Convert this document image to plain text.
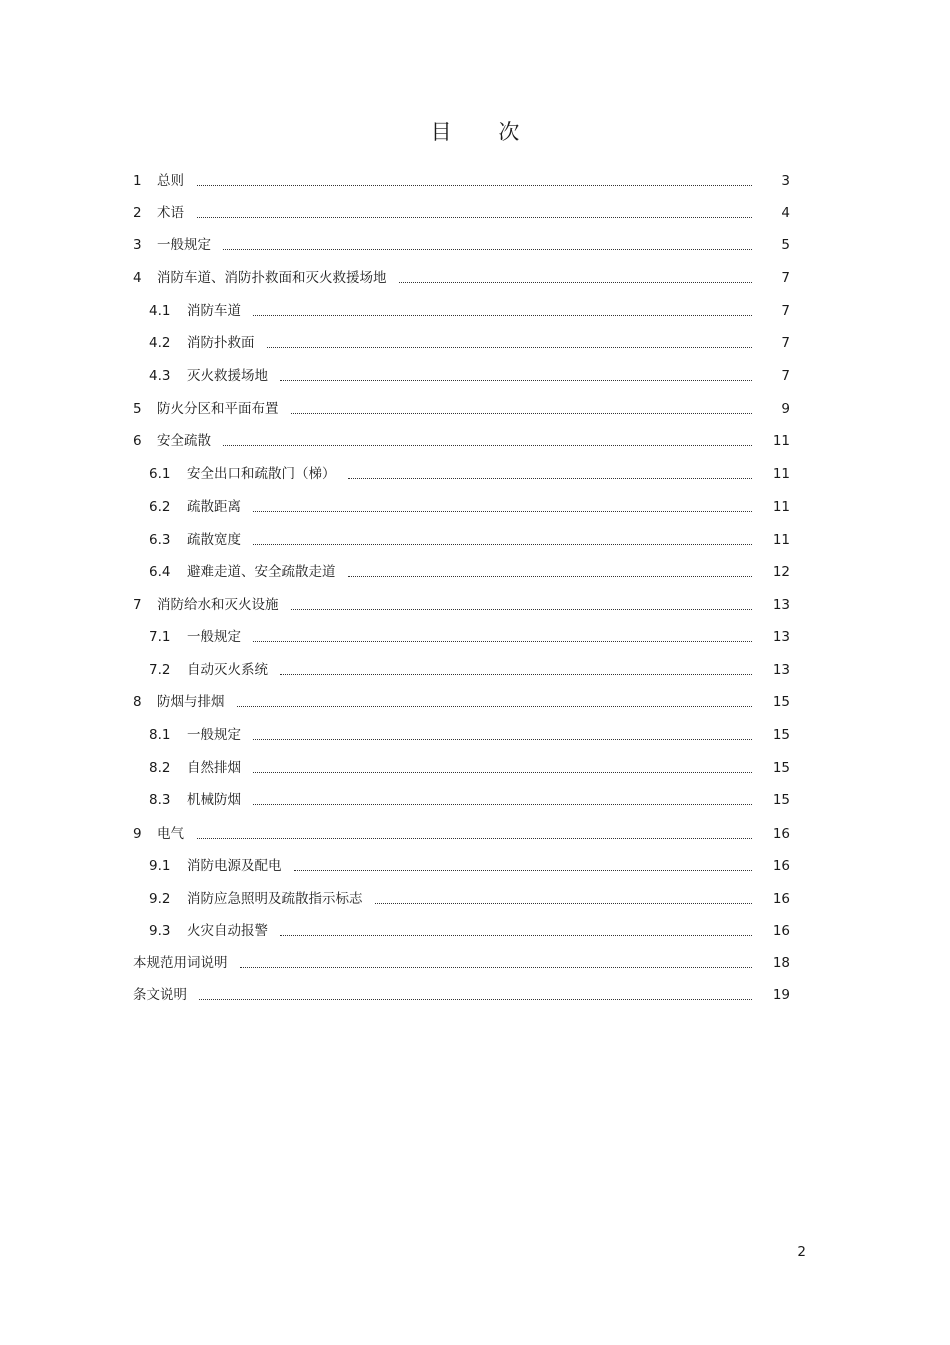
目 次
1 总则	3
2 术语	4
3 一般规定	5
4 消防车道、消防扑救面和灭火救援场地	7
4.1 消防车道	7
4.2 消防扑救面	7
4.3 灭火救援场地	7
5 防火分区和平面布置	9
6 安全疏散	11
6.1 安全出口和疏散门（梯）	11
6.2 疏散距离	11
6.3 疏散宽度	11
6.4 避难走道、安全疏散走道	12
7 消防给水和灭火设施	13
7.1 一般规定	13
7.2 自动灭火系统	13
8 防烟与排烟	15
8.1 一般规定	15
8.2 自然排烟	15
8.3 机械防烟	15
9 电气	16
9.1 消防电源及配电	16
9.2 消防应急照明及疏散指示标志	16
9.3 火灾自动报警	16
本规范用词说明	18
条文说明	19
2
